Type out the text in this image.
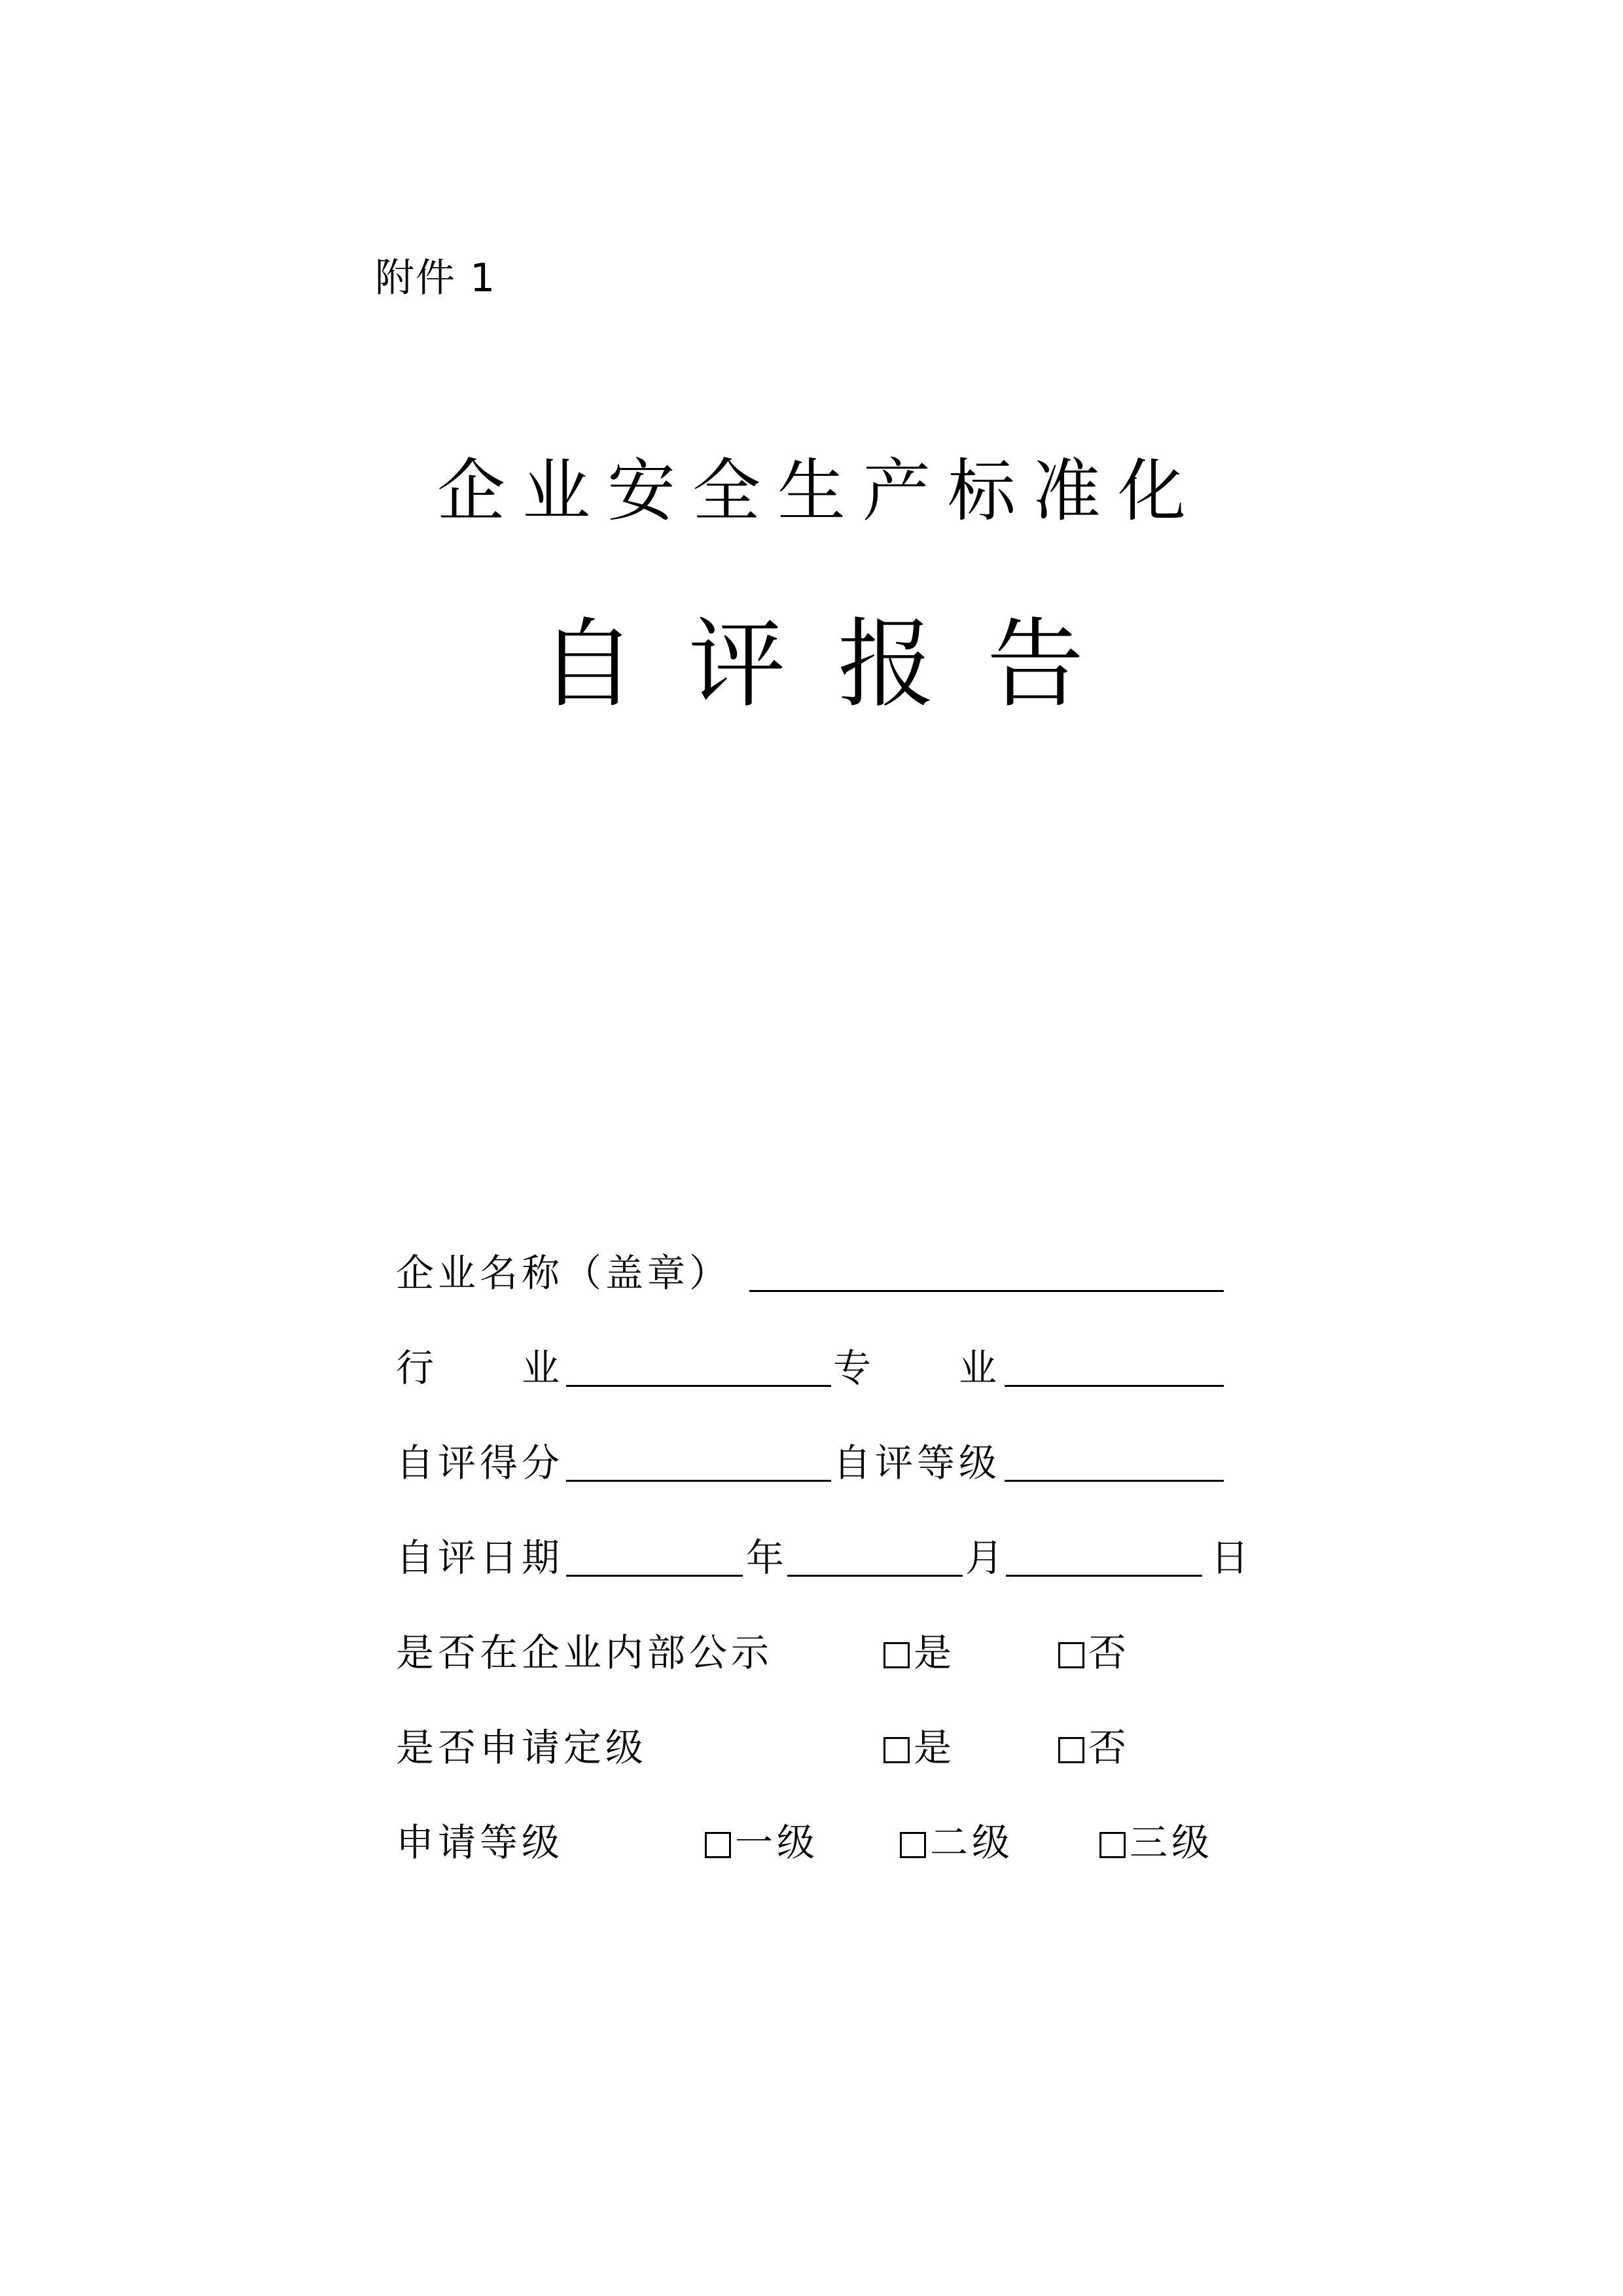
附件 1
企业安全生产标准化
自评报告
企业名称（盖章）
行　　业	专　　业
自评得分	自评等级
自评日期	年	月	日
是否在企业内部公示	是	否
是否申请定级	是	否
申请等级	一级	二级	三级
